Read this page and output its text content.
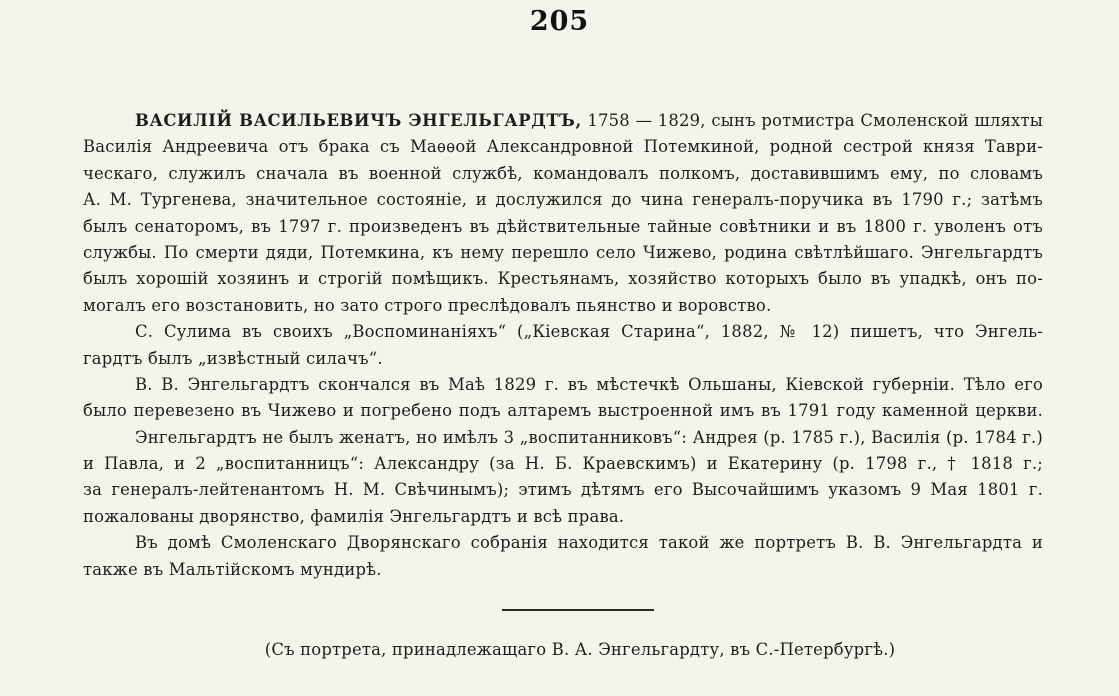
205
ВАСИЛІЙ ВАСИЛЬЕВИЧЪ ЭНГЕЛЬГАРДТЪ, 1758 — 1829, сынъ ротмистра Смоленской шляхты
Василія Андреевича отъ брака съ Маѳѳой Александровной Потемкиной, родной сестрой князя Таври-
ческаго, служилъ сначала въ военной службѣ, командовалъ полкомъ, доставившимъ ему, по словамъ
А. М. Тургенева, значительное состояніе, и дослужился до чина генералъ-поручика въ 1790 г.; затѣмъ
былъ сенаторомъ, въ 1797 г. произведенъ въ дѣйствительные тайные совѣтники и въ 1800 г. уволенъ отъ
службы. По смерти дяди, Потемкина, къ нему перешло село Чижево, родина свѣтлѣйшаго. Энгельгардтъ
былъ хорошій хозяинъ и строгій помѣщикъ. Крестьянамъ, хозяйство которыхъ было въ упадкѣ, онъ по-
могалъ его возстановить, но зато строго преслѣдовалъ пьянство и воровство.
С. Сулима въ своихъ „Воспоминаніяхъ“ („Кіевская Старина“, 1882, № 12) пишетъ, что Энгель-
гардтъ былъ „извѣстный силачъ“.
В. В. Энгельгардтъ скончался въ Маѣ 1829 г. въ мѣстечкѣ Ольшаны, Кіевской губерніи. Тѣло его
было перевезено въ Чижево и погребено подъ алтаремъ выстроенной имъ въ 1791 году каменной церкви.
Энгельгардтъ не былъ женатъ, но имѣлъ 3 „воспитанниковъ“: Андрея (р. 1785 г.), Василія (р. 1784 г.)
и Павла, и 2 „воспитанницъ“: Александру (за Н. Б. Краевскимъ) и Екатерину (р. 1798 г., † 1818 г.;
за генералъ-лейтенантомъ Н. М. Свѣчинымъ); этимъ дѣтямъ его Высочайшимъ указомъ 9 Мая 1801 г.
пожалованы дворянство, фамилія Энгельгардтъ и всѣ права.
Въ домѣ Смоленскаго Дворянскаго собранія находится такой же портретъ В. В. Энгельгардта и
также въ Мальтійскомъ мундирѣ.
(Съ портрета, принадлежащаго В. А. Энгельгардту, въ С.-Петербургѣ.)
